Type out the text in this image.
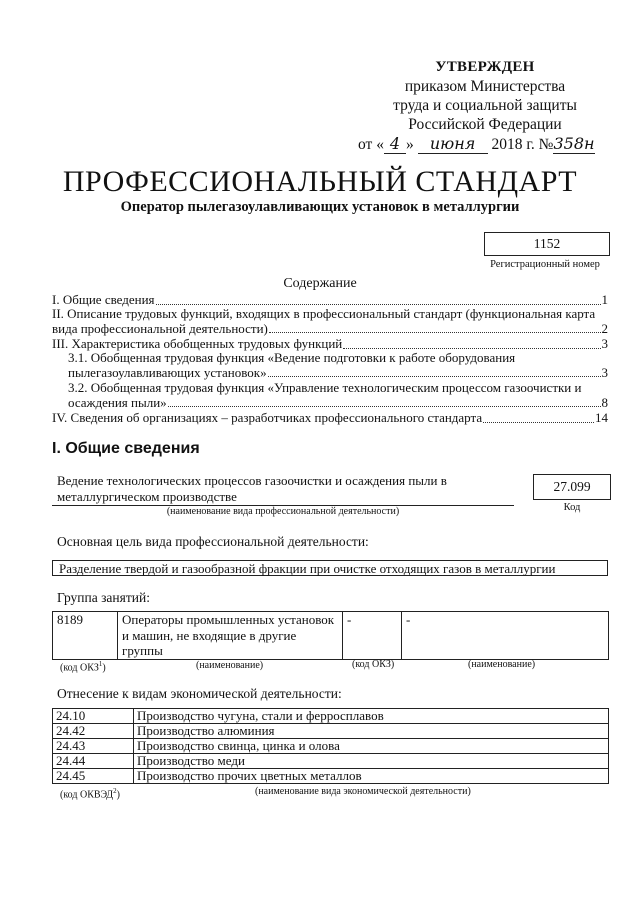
УТВЕРЖДЕН
приказом Министерства
труда и социальной защиты
Российской Федерации
от « 4 » июня 2018 г. №358н
ПРОФЕССИОНАЛЬНЫЙ СТАНДАРТ
Оператор пылегазоулавливающих установок в металлургии
1152
Регистрационный номер
Содержание
I. Общие сведения	1
II. Описание трудовых функций, входящих в профессиональный стандарт (функциональная карта
вида профессиональной деятельности)	2
III. Характеристика обобщенных трудовых функций	3
3.1. Обобщенная трудовая функция «Ведение подготовки к работе оборудования
пылегазоулавливающих установок»	3
3.2. Обобщенная трудовая функция «Управление технологическим процессом газоочистки и
осаждения пыли»	8
IV. Сведения об организациях – разработчиках профессионального стандарта	14
I. Общие сведения
Ведение технологических процессов газоочистки и осаждения пыли в
металлургическом производстве
(наименование вида профессиональной деятельности)
27.099
Код
Основная цель вида профессиональной деятельности:
Разделение твердой и газообразной фракции при очистке отходящих газов в металлургии
Группа занятий:
8189	Операторы промышленных установок
и машин, не входящие в другие
группы
	-	-
(код ОКЗ$^1$)	(наименование)	(код ОКЗ)	(наименование)
Отнесение к видам экономической деятельности:
24.10	Производство чугуна, стали и ферросплавов
24.42	Производство алюминия
24.43	Производство свинца, цинка и олова
24.44	Производство меди
24.45	Производство прочих цветных металлов
(код ОКВЭД$^2$)	(наименование вида экономической деятельности)
